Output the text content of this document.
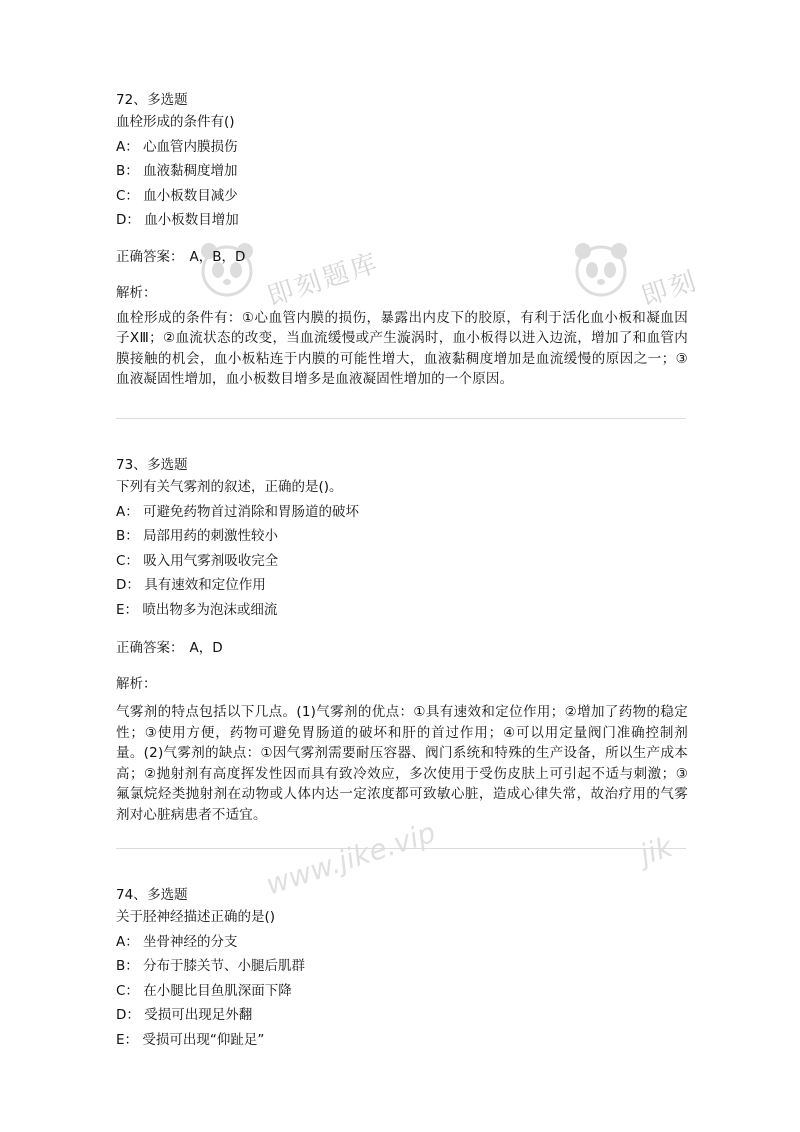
即刻题库	即刻
www.jike.vip	jik
72、多选题
血栓形成的条件有()
A： 心血管内膜损伤
B： 血液黏稠度增加
C： 血小板数目减少
D： 血小板数目增加
正确答案： A，B，D
解析：
血栓形成的条件有：①心血管内膜的损伤，暴露出内皮下的胶原，有利于活化血小板和凝血因子XⅢ；②血流状态的改变，当血流缓慢或产生漩涡时，血小板得以进入边流，增加了和血管内膜接触的机会，血小板粘连于内膜的可能性增大，血液黏稠度增加是血流缓慢的原因之一；③血液凝固性增加，血小板数目增多是血液凝固性增加的一个原因。
73、多选题
下列有关气雾剂的叙述，正确的是()。
A： 可避免药物首过消除和胃肠道的破坏
B： 局部用药的刺激性较小
C： 吸入用气雾剂吸收完全
D： 具有速效和定位作用
E： 喷出物多为泡沫或细流
正确答案： A，D
解析：
气雾剂的特点包括以下几点。(1)气雾剂的优点：①具有速效和定位作用；②增加了药物的稳定性；③使用方便，药物可避免胃肠道的破坏和肝的首过作用；④可以用定量阀门准确控制剂量。(2)气雾剂的缺点：①因气雾剂需要耐压容器、阀门系统和特殊的生产设备，所以生产成本高；②抛射剂有高度挥发性因而具有致冷效应，多次使用于受伤皮肤上可引起不适与刺激；③氟氯烷烃类抛射剂在动物或人体内达一定浓度都可致敏心脏，造成心律失常，故治疗用的气雾剂对心脏病患者不适宜。
74、多选题
关于胫神经描述正确的是()
A： 坐骨神经的分支
B： 分布于膝关节、小腿后肌群
C： 在小腿比目鱼肌深面下降
D： 受损可出现足外翻
E： 受损可出现“仰趾足”
